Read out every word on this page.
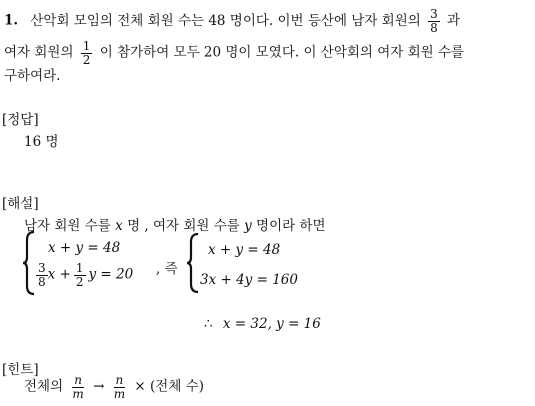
1. 산악회 모임의 전체 회원 수는 48 명이다. 이번 등산에 남자 회원의 $\frac{3}{8}$ 과
여자 회원의 $\frac{1}{2}$ 이 참가하여 모두 20 명이 모였다. 이 산악회의 여자 회원 수를
구하여라.
[정답]
16 명
[해설]
남자 회원 수를 x 명 , 여자 회원 수를 y 명이라 하면
x + y = 48
$\frac{3}{8}$ $x + \frac{1}{2}$ y = 20 , 즉
x + y = 48
3x + 4y = 160
∴ x = 32, y = 16
[힌트]
전체의 $\frac{n}{m} \to \frac{n}{m}$ × (전체 수)
